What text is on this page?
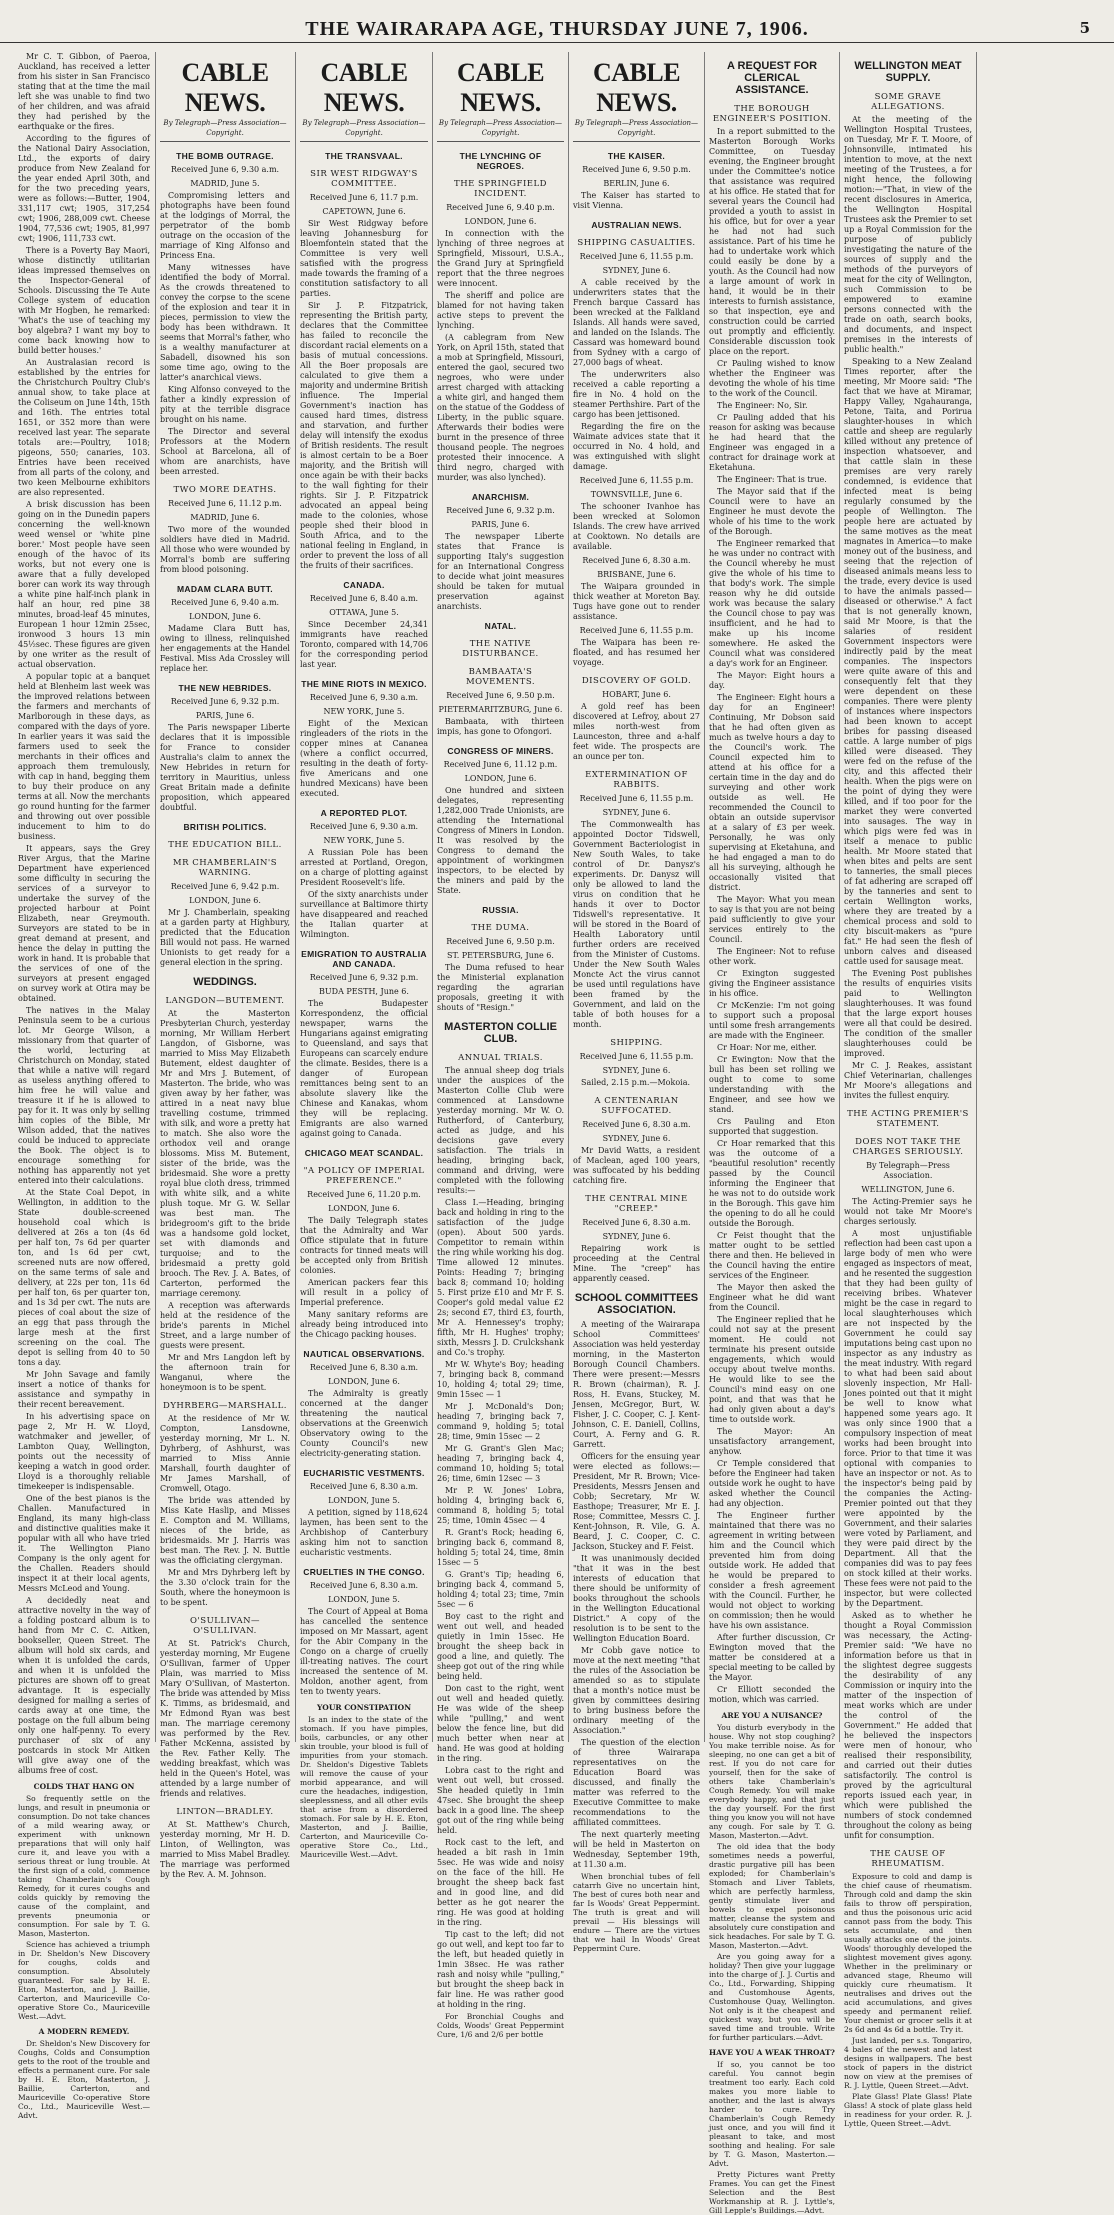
THE WAIRARAPA AGE, THURSDAY JUNE 7, 1906.	5

Mr C. T. Gibbon, of Paeroa, Auckland, has received a letter from his sister in San Francisco stating that at the time the mail left she was unable to find two of her children, and was afraid they had perished by the earthquake or the fires.

According to the figures of the National Dairy Association, Ltd., the exports of dairy produce from New Zealand for the year ended April 30th, and for the two preceding years, were as follows:—Butter, 1904, 331,117 cwt; 1905, 317,254 cwt; 1906, 288,009 cwt. Cheese 1904, 77,536 cwt; 1905, 81,997 cwt; 1906, 111,733 cwt.

There is a Poverty Bay Maori, whose distinctly utilitarian ideas impressed themselves on the Inspector-General of Schools. Discussing the Te Aute College system of education with Mr Hogben, he remarked: 'What's the use of teaching my boy algebra? I want my boy to come back knowing how to build better houses.'

An Australasian record is established by the entries for the Christchurch Poultry Club's annual show, to take place at the Coliseum on June 14th, 15th and 16th. The entries total 1651, or 352 more than were received last year. The separate totals are:—Poultry, 1018; pigeons, 550; canaries, 103. Entries have been received from all parts of the colony, and two keen Melbourne exhibitors are also represented.

A brisk discussion has been going on in the Dunedin papers concerning the well-known weed wensel or 'white pine borer.' Most people have seen enough of the havoc of its works, but not every one is aware that a fully developed borer can work its way through a white pine half-inch plank in half an hour, red pine 38 minutes, broad-leaf 45 minutes, European 1 hour 12min 25sec, ironwood 3 hours 13 min 45½sec. These figures are given by one writer as the result of actual observation.

A popular topic at a banquet held at Blenheim last week was the improved relations between the farmers and merchants of Marlborough in these days, as compared with the days of yore. In earlier years it was said the farmers used to seek the merchants in their offices and approach them tremulously, with cap in hand, begging them to buy their produce on any terms at all. Now the merchants go round hunting for the farmer and throwing out over possible inducement to him to do business.

It appears, says the Grey River Argus, that the Marine Department have experienced some difficulty in securing the services of a surveyor to undertake the survey of the projected harbour at Point Elizabeth, near Greymouth. Surveyors are stated to be in great demand at present, and hence the delay in putting the work in hand. It is probable that the services of one of the surveyors at present engaged on survey work at Otira may be obtained.

The natives in the Malay Peninsula seem to be a curious lot. Mr George Wilson, a missionary from that quarter of the world, lecturing at Christchurch on Monday, stated that while a native will regard as useless anything offered to him free he will value and treasure it if he is allowed to pay for it. It was only by selling him copies of the Bible, Mr Wilson added, that the natives could be induced to appreciate the Book. The object is to encourage something for nothing has apparently not yet entered into their calculations.

At the State Coal Depot, in Wellington, in addition to the State double-screened household coal which is delivered at 26s a ton (4s 6d per half ton, 7s 6d per quarter ton, and 1s 6d per cwt, screened nuts are now offered, on the same terms of sale and delivery, at 22s per ton, 11s 6d per half ton, 6s per quarter ton, and 1s 3d per cwt. The nuts are pieces of coal about the size of an egg that pass through the large mesh at the first screening on the coal. The depot is selling from 40 to 50 tons a day.

Mr John Savage and family insert a notice of thanks for assistance and sympathy in their recent bereavement.

In his advertising space on page 2, Mr H. W. Lloyd, watchmaker and jeweller, of Lambton Quay, Wellington, points out the necessity of keeping a watch in good order. Lloyd is a thoroughly reliable timekeeper is indispensable.

One of the best pianos is the Challen. Manufactured in England, its many high-class and distinctive qualities make it popular with all who have tried it. The Wellington Piano Company is the only agent for the Challen. Readers should inspect it at their local agents, Messrs McLeod and Young.

A decidedly neat and attractive novelty in the way of a folding postcard album is to hand from Mr C. C. Aitken, bookseller, Queen Street. The album will hold six cards, and when it is unfolded the cards, and when it is unfolded the pictures are shown off to great advantage. It is especially designed for mailing a series of cards away at one time, the postage on the full album being only one half-penny. To every purchaser of six of any postcards in stock Mr Aitken will give away one of the albums free of cost.

COLDS THAT HANG ON

So frequently settle on the lungs, and result in pneumonia or consumption. Do not take chances of a mild wearing away, or experiment with unknown preparations that will only half cure it, and leave you with a serious threat or lung trouble. At the first sign of a cold, commence taking Chamberlain's Cough Remedy, for it cures coughs and colds quickly by removing the cause of the complaint, and prevents pneumonia or consumption. For sale by T. G. Mason, Masterton.

Science has achieved a triumph in Dr. Sheldon's New Discovery for coughs, colds and consumption. Absolutely guaranteed. For sale by H. E. Eton, Masterton, and J. Baillie, Carterton, and Mauriceville Co-operative Store Co., Mauriceville West.—Advt.

A MODERN REMEDY.

Dr. Sheldon's New Discovery for Coughs, Colds and Consumption gets to the root of the trouble and effects a permanent cure. For sale by H. E. Eton, Masterton, J. Baillie, Carterton, and Mauriceville Co-operative Store Co., Ltd., Mauriceville West.—Advt.

CABLE NEWS.
By Telegraph—Press Association—Copyright.
THE BOMB OUTRAGE.
Received June 6, 9.30 a.m.
MADRID, June 5.

Compromising letters and photographs have been found at the lodgings of Morral, the perpetrator of the bomb outrage on the occasion of the marriage of King Alfonso and Princess Ena.

Many witnesses have identified the body of Morral. As the crowds threatened to convey the corpse to the scene of the explosion and tear it in pieces, permission to view the body has been withdrawn. It seems that Morral's father, who is a wealthy manufacturer at Sabadell, disowned his son some time ago, owing to the latter's anarchical views.

King Alfonso conveyed to the father a kindly expression of pity at the terrible disgrace brought on his name.

The Director and several Professors at the Modern School at Barcelona, all of whom are anarchists, have been arrested.

TWO MORE DEATHS.
Received June 6, 11.12 p.m.
MADRID, June 6.

Two more of the wounded soldiers have died in Madrid. All those who were wounded by Morral's bomb are suffering from blood poisoning.

MADAM CLARA BUTT.
Received June 6, 9.40 a.m.
LONDON, June 6.

Madame Clara Butt has, owing to illness, relinquished her engagements at the Handel Festival. Miss Ada Crossley will replace her.

THE NEW HEBRIDES.
Received June 6, 9.32 p.m.
PARIS, June 6.

The Paris newspaper Liberte declares that it is impossible for France to consider Australia's claim to annex the New Hebrides in return for territory in Mauritius, unless Great Britain made a definite proposition, which appeared doubtful.

BRITISH POLITICS.
THE EDUCATION BILL.
MR CHAMBERLAIN'S WARNING.
Received June 6, 9.42 p.m.
LONDON, June 6.

Mr J. Chamberlain, speaking at a garden party at Highbury, predicted that the Education Bill would not pass. He warned Unionists to get ready for a general election in the spring.

WEDDINGS.
LANGDON—BUTEMENT.

At the Masterton Presbyterian Church, yesterday morning, Mr William Herbert Langdon, of Gisborne, was married to Miss May Elizabeth Butement, eldest daughter of Mr and Mrs J. Butement, of Masterton. The bride, who was given away by her father, was attired in a neat navy blue travelling costume, trimmed with silk, and wore a pretty hat to match. She also wore the orthodox veil and orange blossoms. Miss M. Butement, sister of the bride, was the bridesmaid. She wore a pretty royal blue cloth dress, trimmed with white silk, and a white plush toque. Mr G. W. Sellar was best man. The bridegroom's gift to the bride was a handsome gold locket, set with diamonds and turquoise; and to the bridesmaid a pretty gold brooch. The Rev. J. A. Bates, of Carterton, performed the marriage ceremony.

A reception was afterwards held at the residence of the bride's parents in Michel Street, and a large number of guests were present.

Mr and Mrs Langdon left by the afternoon train for Wanganui, where the honeymoon is to be spent.

DYHRBERG—MARSHALL.

At the residence of Mr W. Compton, Lansdowne, yesterday morning, Mr L. N. Dyhrberg, of Ashhurst, was married to Miss Annie Marshall, fourth daughter of Mr James Marshall, of Cromwell, Otago.

The bride was attended by Miss Kate Haslip, and Misses E. Compton and M. Williams, nieces of the bride, as bridesmaids. Mr J. Harris was best man. The Rev. J. N. Buttle was the officiating clergyman.

Mr and Mrs Dyhrberg left by the 3.30 o'clock train for the South, where the honeymoon is to be spent.

O'SULLIVAN—O'SULLIVAN.

At St. Patrick's Church, yesterday morning, Mr Eugene O'Sullivan, farmer of Upper Plain, was married to Miss Mary O'Sullivan, of Masterton. The bride was attended by Miss K. Timms, as bridesmaid, and Mr Edmond Ryan was best man. The marriage ceremony was performed by the Rev. Father McKenna, assisted by the Rev. Father Kelly. The wedding breakfast, which was held in the Queen's Hotel, was attended by a large number of friends and relatives.

LINTON—BRADLEY.

At St. Matthew's Church, yesterday morning, Mr H. D. Linton, of Wellington, was married to Miss Mabel Bradley. The marriage was performed by the Rev. A. M. Johnson.

CABLE NEWS.
By Telegraph—Press Association—Copyright.
THE TRANSVAAL.
SIR WEST RIDGWAY'S COMMITTEE.
Received June 6, 11.7 p.m.
CAPETOWN, June 6.

Sir West Ridgway before leaving Johannesburg for Bloemfontein stated that the Committee is very well satisfied with the progress made towards the framing of a constitution satisfactory to all parties.

Sir J. P. Fitzpatrick, representing the British party, declares that the Committee has failed to reconcile the discordant racial elements on a basis of mutual concessions. All the Boer proposals are calculated to give them a majority and undermine British influence. The Imperial Government's inaction has caused hard times, distress and starvation, and further delay will intensify the exodus of British residents. The result is almost certain to be a Boer majority, and the British will once again be with their backs to the wall fighting for their rights. Sir J. P. Fitzpatrick advocated an appeal being made to the colonies, whose people shed their blood in South Africa, and to the national feeling in England, in order to prevent the loss of all the fruits of their sacrifices.

CANADA.
Received June 6, 8.40 a.m.
OTTAWA, June 5.

Since December 24,341 immigrants have reached Toronto, compared with 14,706 for the corresponding period last year.

THE MINE RIOTS IN MEXICO.
Received June 6, 9.30 a.m.
NEW YORK, June 5.

Eight of the Mexican ringleaders of the riots in the copper mines at Cananea (where a conflict occurred, resulting in the death of forty-five Americans and one hundred Mexicans) have been executed.

A REPORTED PLOT.
Received June 6, 9.30 a.m.
NEW YORK, June 5.

A Russian Pole has been arrested at Portland, Oregon, on a charge of plotting against President Roosevelt's life.

Of the sixty anarchists under surveillance at Baltimore thirty have disappeared and reached the Italian quarter at Wilmington.

EMIGRATION TO AUSTRALIA AND CANADA.
Received June 6, 9.32 p.m.
BUDA PESTH, June 6.

The Budapester Korrespondenz, the official newspaper, warns the Hungarians against emigrating to Queensland, and says that Europeans can scarcely endure the climate. Besides, there is a danger of European remittances being sent to an absolute slavery like the Chinese and Kanakas, whom they will be replacing. Emigrants are also warned against going to Canada.

CHICAGO MEAT SCANDAL.
"A POLICY OF IMPERIAL PREFERENCE."
Received June 6, 11.20 p.m.
LONDON, June 6.

The Daily Telegraph states that the Admiralty and War Office stipulate that in future contracts for tinned meats will be accepted only from British colonies.

American packers fear this will result in a policy of Imperial preference.

Many sanitary reforms are already being introduced into the Chicago packing houses.

NAUTICAL OBSERVATIONS.
Received June 6, 8.30 a.m.
LONDON, June 6.

The Admiralty is greatly concerned at the danger threatening the nautical observations at the Greenwich Observatory owing to the County Council's new electricity-generating station.

EUCHARISTIC VESTMENTS.
Received June 6, 8.30 a.m.
LONDON, June 5.

A petition, signed by 118,624 laymen, has been sent to the Archbishop of Canterbury asking him not to sanction eucharistic vestments.

CRUELTIES IN THE CONGO.
Received June 6, 8.30 a.m.
LONDON, June 5.

The Court of Appeal at Boma has cancelled the sentence imposed on Mr Massart, agent for the Abir Company in the Congo on a charge of cruelly ill-treating natives. The court increased the sentence of M. Moldon, another agent, from ten to twenty years.

YOUR CONSTIPATION

Is an index to the state of the stomach. If you have pimples, boils, carbuncles, or any other skin trouble, your blood is full of impurities from your stomach. Dr. Sheldon's Digestive Tablets will remove the cause of your morbid appearance, and will cure the headaches, indigestion, sleeplessness, and all other evils that arise from a disordered stomach. For sale by H. E. Eton, Masterton, and J. Baillie, Carterton, and Mauriceville Co-operative Store Co., Ltd., Mauriceville West.—Advt.

CABLE NEWS.
By Telegraph—Press Association—Copyright.
THE LYNCHING OF NEGROES.
THE SPRINGFIELD INCIDENT.
Received June 6, 9.40 p.m.
LONDON, June 6.

In connection with the lynching of three negroes at Springfield, Missouri, U.S.A., the Grand Jury at Springfield report that the three negroes were innocent.

The sheriff and police are blamed for not having taken active steps to prevent the lynching.

(A cablegram from New York, on April 15th, stated that a mob at Springfield, Missouri, entered the gaol, secured two negroes, who were under arrest charged with attacking a white girl, and hanged them on the statue of the Goddess of Liberty, in the public square. Afterwards their bodies were burnt in the presence of three thousand people. The negroes protested their innocence. A third negro, charged with murder, was also lynched).

ANARCHISM.
Received June 6, 9.32 p.m.
PARIS, June 6.

The newspaper Liberte states that France is supporting Italy's suggestion for an International Congress to decide what joint measures should be taken for mutual preservation against anarchists.

NATAL.
THE NATIVE DISTURBANCE.
BAMBAATA'S MOVEMENTS.
Received June 6, 9.50 p.m.
PIETERMARITZBURG, June 6.

Bambaata, with thirteen impis, has gone to Ofongori.

CONGRESS OF MINERS.
Received June 6, 11.12 p.m.
LONDON, June 6.

One hundred and sixteen delegates, representing 1,282,000 Trade Unionists, are attending the International Congress of Miners in London. It was resolved by the Congress to demand the appointment of workingmen inspectors, to be elected by the miners and paid by the State.

RUSSIA.
THE DUMA.
Received June 6, 9.50 p.m.
ST. PETERSBURG, June 6.

The Duma refused to hear the Ministerial explanation regarding the agrarian proposals, greeting it with shouts of "Resign."

MASTERTON COLLIE CLUB.
ANNUAL TRIALS.

The annual sheep dog trials under the auspices of the Masterton Collie Club were commenced at Lansdowne yesterday morning. Mr W. O. Rutherford, of Canterbury, acted as judge, and his decisions gave every satisfaction. The trials in heading, bringing back, command and driving, were completed with the following results:—

Class I.—Heading, bringing back and holding in ring to the satisfaction of the judge (open). About 500 yards. Competitor to remain within the ring while working his dog. Time allowed 12 minutes. Points: Heading 7; bringing back 8; command 10; holding 5. First prize £10 and Mr F. S. Cooper's gold medal value £2 2s; second £7, third £3, fourth, Mr A. Hennessey's trophy; fifth, Mr H. Hughes' trophy; sixth, Messrs J. D. Crulckshank and Co.'s trophy.

Mr W. Whyte's Boy; heading 7, bringing back 8, command 10, holding 4; total 29; time, 9min 15sec — 1

Mr J. McDonald's Don; heading 7, bringing back 7, command 9, holding 5; total 28; time, 9min 15sec — 2

Mr G. Grant's Glen Mac; heading 7, bringing back 4, command 10, holding 5; total 26; time, 6min 12sec — 3

Mr P. W. Jones' Lobra, holding 4, bringing back 6, command 8, holding 5; total 25; time, 10min 45sec — 4

R. Grant's Rock; heading 6, bringing back 6, command 8, holding 5; total 24, time, 8min 15sec — 5

G. Grant's Tip; heading 6, bringing back 4, command 5, holding 4; total 23; time, 7min 5sec — 6

Boy cast to the right and went out well, and headed quietly in 1min 15sec. He brought the sheep back in good a line, and quietly. The sheep got out of the ring while being held.

Don cast to the right, went out well and headed quietly. He was wide of the sheep while "pulling," and went below the fence line, but did much better when near at hand. He was good at holding in the ring.

Lobra cast to the right and went out well, but crossed. She headed quietly in 1min 47sec. She brought the sheep back in a good line. The sheep got out of the ring while being held.

Rock cast to the left, and headed a bit rash in 1min 5sec. He was wide and noisy on the face of the hill. He brought the sheep back fast and in good line, and did better as he got nearer the ring. He was good at holding in the ring.

Tip cast to the left; did not go out well, and kept too far to the left, but headed quietly in 1min 38sec. He was rather rash and noisy while "pulling," but brought the sheep back in fair line. He was rather good at holding in the ring.

For Bronchial Coughs and Colds, Woods' Great Peppermint Cure, 1/6 and 2/6 per bottle

CABLE NEWS.
By Telegraph—Press Association—Copyright.
THE KAISER.
Received June 6, 9.50 p.m.
BERLIN, June 6.

The Kaiser has started to visit Vienna.

AUSTRALIAN NEWS.
SHIPPING CASUALTIES.
Received June 6, 11.55 p.m.
SYDNEY, June 6.

A cable received by the underwriters states that the French barque Cassard has been wrecked at the Falkland Islands. All hands were saved, and landed on the Islands. The Cassard was homeward bound from Sydney with a cargo of 27,000 bags of wheat.

The underwriters also received a cable reporting a fire in No. 4 hold on the steamer Perthshire. Part of the cargo has been jettisoned.

Regarding the fire on the Waimate advices state that it occurred in No. 4 hold, and was extinguished with slight damage.

Received June 6, 11.55 p.m.
TOWNSVILLE, June 6.

The schooner Ivanhoe has been wrecked at Solomon Islands. The crew have arrived at Cooktown. No details are available.

Received June 6, 8.30 a.m.
BRISBANE, June 6.

The Waipara grounded in thick weather at Moreton Bay. Tugs have gone out to render assistance.

Received June 6, 11.55 p.m.

The Waipara has been re-floated, and has resumed her voyage.

DISCOVERY OF GOLD.
HOBART, June 6.

A gold reef has been discovered at Lefroy, about 27 miles north-west from Launceston, three and a-half feet wide. The prospects are an ounce per ton.

EXTERMINATION OF RABBITS.
Received June 6, 11.55 p.m.
SYDNEY, June 6.

The Commonwealth has appointed Doctor Tidswell, Government Bacteriologist in New South Wales, to take control of Dr. Danysz's experiments. Dr. Danysz will only be allowed to land the virus on condition that he hands it over to Doctor Tidswell's representative. It will be stored in the Board of Health Laboratory until further orders are received from the Minister of Customs. Under the New South Wales Moncte Act the virus cannot be used until regulations have been framed by the Government, and laid on the table of both houses for a month.

SHIPPING.
Received June 6, 11.55 p.m.
SYDNEY, June 6.

Sailed, 2.15 p.m.—Mokoia.

A CENTENARIAN SUFFOCATED.
Received June 6, 8.30 a.m.
SYDNEY, June 6.

Mr David Watts, a resident of Maclean, aged 100 years, was suffocated by his bedding catching fire.

THE CENTRAL MINE "CREEP."
Received June 6, 8.30 a.m.
SYDNEY, June 6.

Repairing work is proceeding at the Central Mine. The "creep" has apparently ceased.

SCHOOL COMMITTEES ASSOCIATION.

A meeting of the Wairarapa School Committees' Association was held yesterday morning, in the Masterton Borough Council Chambers. There were present:—Messrs R. Brown (chairman), R. J. Ross, H. Evans, Stuckey, M. Jensen, McGregor, Burt, W. Fisher, J. C. Cooper, C. J. Kent-Johnson, C. E. Daniell, Collins, Court, A. Ferny and G. R. Garrett.

Officers for the ensuing year were elected as follows:—President, Mr R. Brown; Vice-Presidents, Messrs Jensen and Cobb; Secretary, Mr W. Easthope; Treasurer, Mr E. J. Rose; Committee, Messrs C. J. Kent-Johnson, R. Vile, G. A. Beard, J. C. Cooper, C. C. Jackson, Stuckey and F. Feist.

It was unanimously decided "that it was in the best interests of education that there should be uniformity of books throughout the schools in the Wellington Educational District." A copy of the resolution is to be sent to the Wellington Education Board.

Mr Cobb gave notice to move at the next meeting "that the rules of the Association be amended so as to stipulate that a month's notice must be given by committees desiring to bring business before the ordinary meeting of the Association."

The question of the election of three Wairarapa representatives on the Education Board was discussed, and finally the matter was referred to the Executive Committee to make recommendations to the affiliated committees.

The next quarterly meeting will be held in Masterton on Wednesday, September 19th, at 11.30 a.m.

When bronchial tubes of fell catarrh Give no uncertain hint, The best of cures both near and far Is Woods' Great Peppermint. The truth is great and will prevail — His blessings will endure — There are the virtues that we hail In Woods' Great Peppermint Cure.

A REQUEST FOR CLERICAL ASSISTANCE.
THE BOROUGH ENGINEER'S POSITION.

In a report submitted to the Masterton Borough Works Committee, on Tuesday evening, the Engineer brought under the Committee's notice that assistance was required at his office. He stated that for several years the Council had provided a youth to assist in his office, but for over a year he had not had such assistance. Part of his time he had to undertake work which could easily be done by a youth. As the Council had now a large amount of work in hand, it would be in their interests to furnish assistance, so that inspection, eye and construction could be carried out promptly and efficiently. Considerable discussion took place on the report.

Cr Pauling wished to know whether the Engineer was devoting the whole of his time to the work of the Council.

The Engineer: No, Sir.

Cr Pauling added that his reason for asking was because he had heard that the Engineer was engaged in a contract for drainage work at Eketahuna.

The Engineer: That is true.

The Mayor said that if the Council were to have an Engineer he must devote the whole of his time to the work of the Borough.

The Engineer remarked that he was under no contract with the Council whereby he must give the whole of his time to that body's work. The simple reason why he did outside work was because the salary the Council chose to pay was insufficient, and he had to make up his income somewhere. He asked the Council what was considered a day's work for an Engineer.

The Mayor: Eight hours a day.

The Engineer: Eight hours a day for an Engineer! Continuing, Mr Dobson said that he had often given as much as twelve hours a day to the Council's work. The Council expected him to attend at his office for a certain time in the day and do surveying and other work outside as well. He recommended the Council to obtain an outside supervisor at a salary of £3 per week. Personally, he was only supervising at Eketahuna, and he had engaged a man to do all his surveying, although he occasionally visited that district.

The Mayor: What you mean to say is that you are not being paid sufficiently to give your services entirely to the Council.

The Engineer: Not to refuse other work.

Cr Exington suggested giving the Engineer assistance in his office.

Cr McKenzie: I'm not going to support such a proposal until some fresh arrangements are made with the Engineer.

Cr Hoar: Nor me, either.

Cr Ewington: Now that the bull has been set rolling we ought to come to some understanding with the Engineer, and see how we stand.

Crs Pauling and Eton supported that suggestion.

Cr Hoar remarked that this was the outcome of a "beautiful resolution" recently passed by the Council informing the Engineer that he was not to do outside work in the Borough. This gave him the opening to do all he could outside the Borough.

Cr Feist thought that the matter ought to be settled there and then. He believed in the Council having the entire services of the Engineer.

The Mayor then asked the Engineer what he did want from the Council.

The Engineer replied that he could not say at the present moment. He could not terminate his present outside engagements, which would occupy about twelve months. He would like to see the Council's mind easy on one point, and that was that he had only given about a day's time to outside work.

The Mayor: An unsatisfactory arrangement, anyhow.

Cr Temple considered that before the Engineer had taken outside work he ought to have asked whether the Council had any objection.

The Engineer further maintained that there was no agreement in writing between him and the Council which prevented him from doing outside work. He added that he would be prepared to consider a fresh agreement with the Council. Further, he would not object to working on commission; then he would have his own assistance.

After further discussion, Cr Ewington moved that the matter be considered at a special meeting to be called by the Mayor.

Cr Elliott seconded the motion, which was carried.

ARE YOU A NUISANCE?

You disturb everybody in the house. Why not stop coughing? You make terrible noise. As for sleeping, no one can get a bit of rest. If you do not care for yourself, then for the sake of others take Chamberlain's Cough Remedy. You will make everybody happy, and that just the day yourself. For the first thing you know you will not have any cough. For sale by T. G. Mason, Masterton.—Advt.

The old idea that the body sometimes needs a powerful, drastic purgative pill has been exploded; for Chamberlain's Stomach and Liver Tablets, which are perfectly harmless, gently stimulate liver and bowels to expel poisonous matter, cleanse the system and absolutely cure constipation and sick headaches. For sale by T. G. Mason, Masterton.—Advt.

Are you going away for a holiday? Then give your luggage into the charge of J. J. Curtis and Co., Ltd., Forwarding, Shipping and Customhouse Agents, Customhouse Quay, Wellington. Not only is it the cheapest and quickest way, but you will be saved time and trouble. Write for further particulars.—Advt.

HAVE YOU A WEAK THROAT?

If so, you cannot be too careful. You cannot begin treatment too early. Each cold makes you more liable to another, and the last is always harder to cure. Try Chamberlain's Cough Remedy just once, and you will find it pleasant to take, and most soothing and healing. For sale by T. G. Mason, Masterton.—Advt.

Pretty Pictures want Pretty Frames. You can get the Finest Selection and the Best Workmanship at R. J. Lyttle's, Gill Lepple's Buildings.—Advt.

WELLINGTON MEAT SUPPLY.
SOME GRAVE ALLEGATIONS.

At the meeting of the Wellington Hospital Trustees, on Tuesday, Mr F. T. Moore, of Johnsonville, intimated his intention to move, at the next meeting of the Trustees, a for night hence, the following motion:—"That, in view of the recent disclosures in America, the Wellington Hospital Trustees ask the Premier to set up a Royal Commission for the purpose of publicly investigating the nature of the sources of supply and the methods of the purveyors of meat for the city of Wellington, such Commission to be empowered to examine persons connected with the trade on oath, search books, and documents, and inspect premises in the interests of public health."

Speaking to a New Zealand Times reporter, after the meeting, Mr Moore said: "The fact that we have at Miramar, Happy Valley, Ngahauranga, Petone, Taita, and Porirua slaughter-houses in which cattle and sheep are regularly killed without any pretence of inspection whatsoever, and that cattle slain in these premises are very rarely condemned, is evidence that infected meat is being regularly consumed by the people of Wellington. The people here are actuated by the same motives as the meat magnates in America—to make money out of the business, and seeing that the rejection of diseased animals means less to the trade, every device is used to have the animals passed—diseased or otherwise." A fact that is not generally known, said Mr Moore, is that the salaries of resident Government inspectors were indirectly paid by the meat companies. The inspectors were quite aware of this and consequently felt that they were dependent on these companies. There were plenty of instances where inspectors had been known to accept bribes for passing diseased cattle. A large number of pigs killed were diseased. They were fed on the refuse of the city, and this affected their health. When the pigs were on the point of dying they were killed, and if too poor for the market they were converted into sausages. The way in which pigs were fed was in itself a menace to public health. Mr Moore stated that when bites and pelts are sent to tanneries, the small pieces of fat adhering are scraped off by the tanneries and sent to certain Wellington works, where they are treated by a chemical process and sold to city biscuit-makers as "pure fat." He had seen the flesh of unborn calves and diseased cattle used for sausage meat.

The Evening Post publishes the results of enquiries visits paid to Wellington slaughterhouses. It was found that the large export houses were all that could be desired. The condition of the smaller slaughterhouses could be improved.

Mr C. J. Reakes, assistant Chief Veterinarian, challenges Mr Moore's allegations and invites the fullest enquiry.

THE ACTING PREMIER'S STATEMENT.
DOES NOT TAKE THE CHARGES SERIOUSLY.
By Telegraph—Press Association.
WELLINGTON, June 6.

The Acting-Premier says he would not take Mr Moore's charges seriously.

A most unjustifiable reflection had been cast upon a large body of men who were engaged as inspectors of meat, and he resented the suggestion that they had been guilty of receiving bribes. Whatever might be the case in regard to local slaughterhouses which are not inspected by the Government he could say imputations being cast upon no inspector as any industry as the meat industry. With regard to what had been said about slovenly inspection, Mr Hall-Jones pointed out that it might be well to know what happened some years ago. It was only since 1900 that a compulsory inspection of meat works had been brought into force. Prior to that time it was optional with companies to have an inspector or not. As to the inspector's being paid by the companies the Acting-Premier pointed out that they were appointed by the Government, and their salaries were voted by Parliament, and they were paid direct by the Department. All that the companies did was to pay fees on stock killed at their works. These fees were not paid to the inspector, but were collected by the Department.

Asked as to whether he thought a Royal Commission was necessary, the Acting-Premier said: "We have no information before us that in the slightest degree suggests the desirability of any Commission or inquiry into the matter of the inspection of meat works which are under the control of the Government." He added that he believed the inspectors were men of honour, who realised their responsibility, and carried out their duties satisfactorily. The control is proved by the agricultural reports issued each year, in which were published the numbers of stock condemned throughout the colony as being unfit for consumption.

THE CAUSE OF RHEUMATISM.

Exposure to cold and damp is the chief cause of rheumatism. Through cold and damp the skin fails to throw off perspiration, and thus the poisonous uric acid cannot pass from the body. This sets accumulate, and then usually attacks one of the joints. Woods' thoroughly developed the slightest movement gives agony. Whether in the preliminary or advanced stage, Rheumo will quickly cure rheumatism. It neutralises and drives out the acid accumulations, and gives speedy and permanent relief. Your chemist or grocer sells it at 2s 6d and 4s 6d a bottle. Try it.

Just landed, per s.s. Tongariro, 4 bales of the newest and latest designs in wallpapers. The best stock of papers in the district now on view at the premises of R. J. Lyttle, Queen Street.—Advt.

Plate Glass! Plate Glass! Plate Glass! A stock of plate glass held in readiness for your order. R. J. Lyttle, Queen Street.—Advt.
